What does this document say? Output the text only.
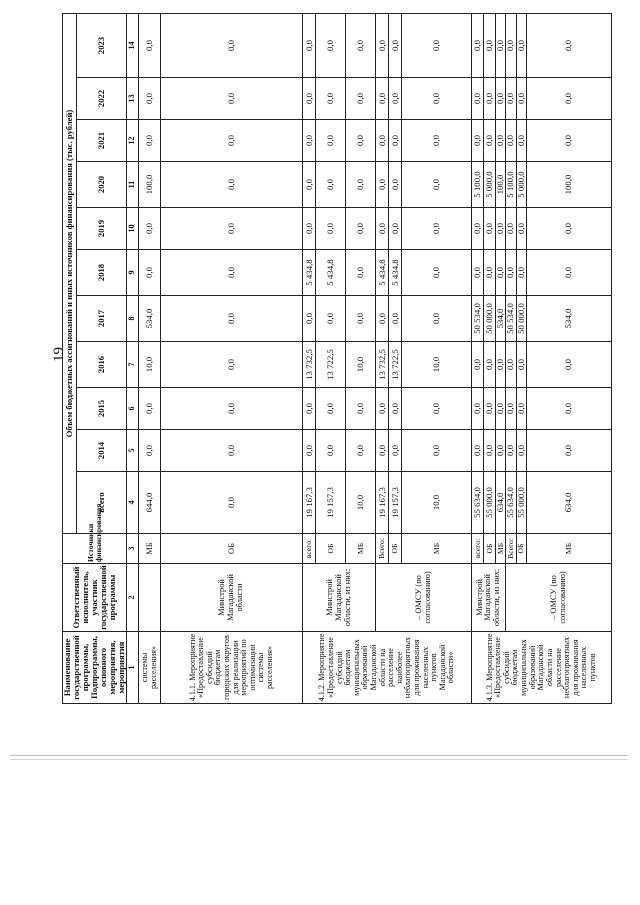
19
Наименование государственной программы, Подпрограммы, основного мероприятия, мероприятия	Ответственный исполнитель, участник государственной программы	Источники финансирования	Объем бюджетных ассигнований и иных источников финансирования (тыс. рублей)										
			всего	2014	2015	2016	2017	2018	2019	2020	2021	2022	2023
1	2	3	4	5	6	7	8	9	10	11	12	13	14
системы расселения»		МБ	644,0	0,0	0,0	10,0	534,0	0,0	0,0	100,0	0,0	0,0	0,0
4.1.1. Мероприятие «Предоставление субсидий бюджетам городских округов для реализации мероприятий по оптимизации системы расселения»	Минстрой Магаданской области	ОБ	0,0	0,0	0,0	0,0	0,0	0,0	0,0	0,0	0,0	0,0	0,0
4.1.2. Мероприятие «Предоставление субсидий бюджетам муниципальных образований Магаданской области на расселение наиболее неблагоприятных для проживания населенных пунктов Магаданской области»	Минстрой Магаданской области, из них:	всего:	19 167,3	0,0	0,0	13 732,5	0,0	5 434,8	0,0	0,0	0,0	0,0	0,0
		ОБ	19 157,3	0,0	0,0	13 722,5	0,0	5 434,8	0,0	0,0	0,0	0,0	0,0
		МБ	10,0	0,0	0,0	10,0	0,0	0,0	0,0	0,0	0,0	0,0	0,0
	– ОМСУ (по согласованию)	Всего:	19 167,3	0,0	0,0	13 732,5	0,0	5 434,8	0,0	0,0	0,0	0,0	0,0
		ОБ	19 157,3	0,0	0,0	13 722,5	0,0	5 434,8	0,0	0,0	0,0	0,0	0,0
		МБ	10,0	0,0	0,0	10,0	0,0	0,0	0,0	0,0	0,0	0,0	0,0
4.1.3. Мероприятие «Предоставление субсидий бюджетам муниципальных образований Магаданской области на расселение неблагоприятных для проживания населенных пунктов	Минстрой Магаданской области, из них:	всего:	55 634,0	0,0	0,0	0,0	50 534,0	0,0	0,0	5 100,0	0,0	0,0	0,0
		ОБ	55 000,0	0,0	0,0	0,0	50 000,0	0,0	0,0	5 000,0	0,0	0,0	0,0
		МБ	634,0	0,0	0,0	0,0	534,0	0,0	0,0	100,0	0,0	0,0	0,0
	– ОМСУ (по согласованию)	Всего:	55 634,0	0,0	0,0	0,0	50 534,0	0,0	0,0	5 100,0	0,0	0,0	0,0
		ОБ	55 000,0	0,0	0,0	0,0	50 000,0	0,0	0,0	5 000,0	0,0	0,0	0,0
		МБ	634,0	0,0	0,0	0,0	534,0	0,0	0,0	100,0	0,0	0,0	0,0
